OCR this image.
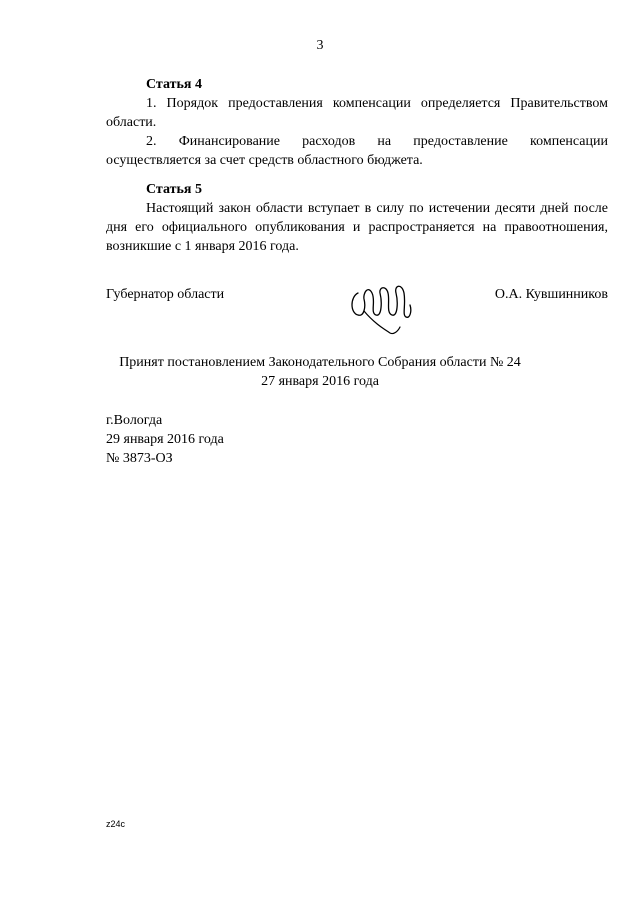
3
Статья 4

1. Порядок предоставления компенсации определяется Правительством области.

2. Финансирование расходов на предоставление компенсации осуществляется за счет средств областного бюджета.

Статья 5

Настоящий закон области вступает в силу по истечении десяти дней после дня его официального опубликования и распространяется на правоотношения, возникшие с 1 января 2016 года.

Губернатор области	О.А. Кувшинников
Принят постановлением Законодательного Собрания области № 24
27 января 2016 года
г.Вологда
29 января 2016 года
№ 3873-ОЗ
z24c
